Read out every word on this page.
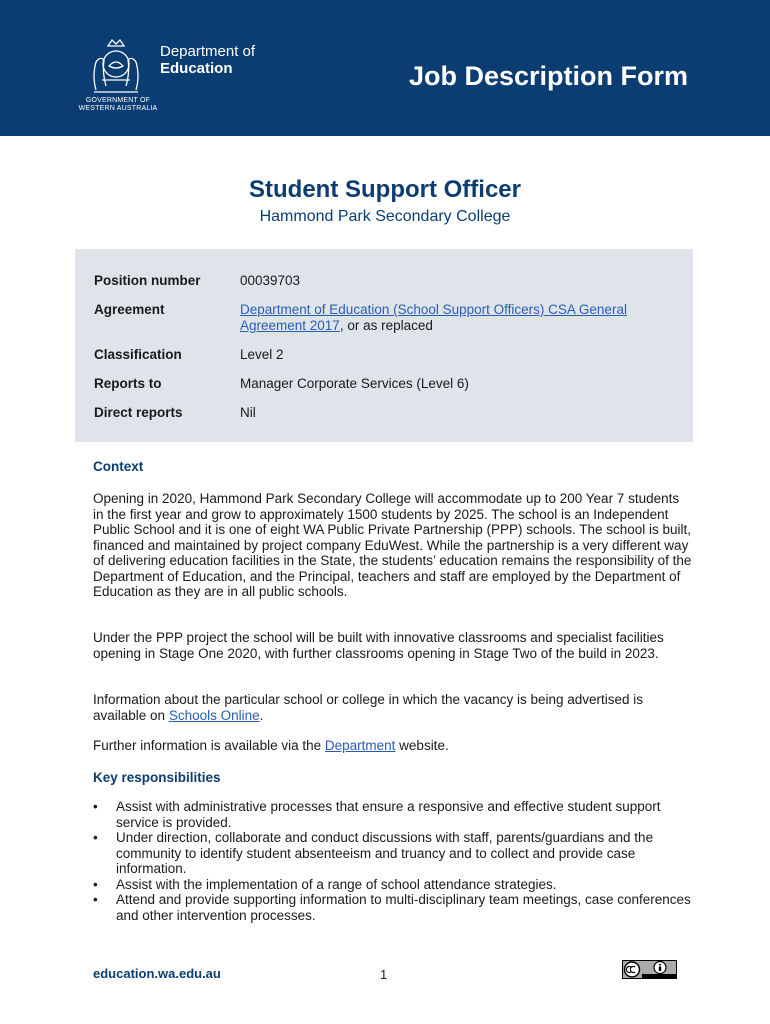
Department of
Education
GOVERNMENT OF
WESTERN AUSTRALIA
Job Description Form
Student Support Officer
Hammond Park Secondary College
Position number	00039703
Agreement	Department of Education (School Support Officers) CSA General Agreement 2017, or as replaced
Classification	Level 2
Reports to	Manager Corporate Services (Level 6)
Direct reports	Nil
Context

Opening in 2020, Hammond Park Secondary College will accommodate up to 200 Year 7 students in the first year and grow to approximately 1500 students by 2025. The school is an Independent Public School and it is one of eight WA Public Private Partnership (PPP) schools. The school is built, financed and maintained by project company EduWest. While the partnership is a very different way of delivering education facilities in the State, the students’ education remains the responsibility of the Department of Education, and the Principal, teachers and staff are employed by the Department of Education as they are in all public schools.

Under the PPP project the school will be built with innovative classrooms and specialist facilities opening in Stage One 2020, with further classrooms opening in Stage Two of the build in 2023.

Information about the particular school or college in which the vacancy is being advertised is available on Schools Online.

Further information is available via the Department website.

Key responsibilities
• Assist with administrative processes that ensure a responsive and effective student support service is provided.
• Under direction, collaborate and conduct discussions with staff, parents/guardians and the community to identify student absenteeism and truancy and to collect and provide case information.
• Assist with the implementation of a range of school attendance strategies.
• Attend and provide supporting information to multi-disciplinary team meetings, case conferences and other intervention processes.
education.wa.edu.au	1
